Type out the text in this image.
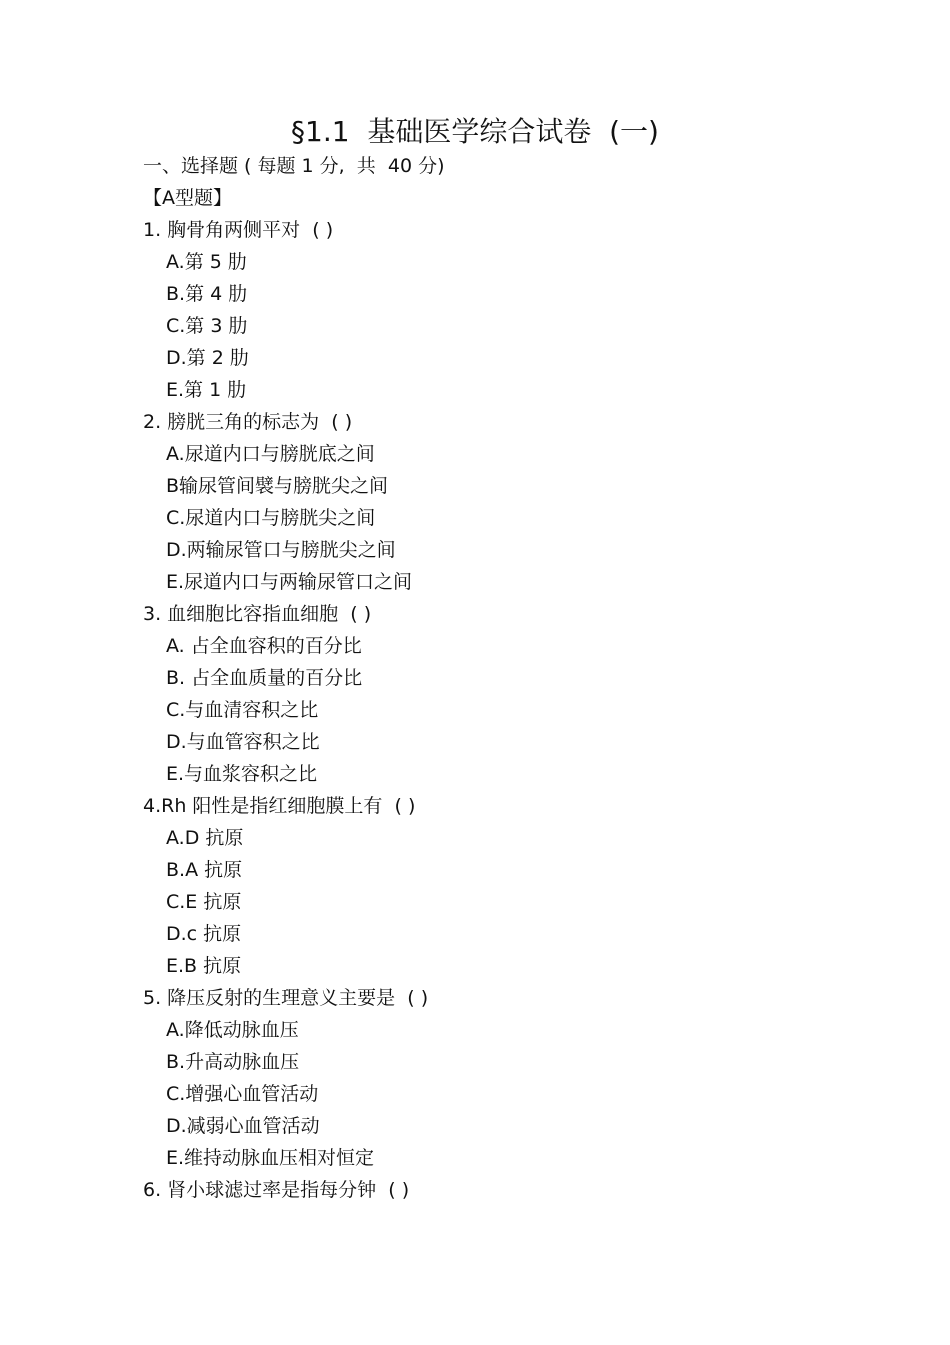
§1.1  基础医学综合试卷  (一)
一、选择题 ( 每题 1 分,  共  40 分)
【A型题】
1. 胸骨角两侧平对  ( )
A.第 5 肋
B.第 4 肋
C.第 3 肋
D.第 2 肋
E.第 1 肋
2. 膀胱三角的标志为  ( )
A.尿道内口与膀胱底之间
B输尿管间襞与膀胱尖之间
C.尿道内口与膀胱尖之间
D.两输尿管口与膀胱尖之间
E.尿道内口与两输尿管口之间
3. 血细胞比容指血细胞  ( )
A. 占全血容积的百分比
B. 占全血质量的百分比
C.与血清容积之比
D.与血管容积之比
E.与血浆容积之比
4.Rh 阳性是指红细胞膜上有  ( )
A.D 抗原
B.A 抗原
C.E 抗原
D.c 抗原
E.B 抗原
5. 降压反射的生理意义主要是  ( )
A.降低动脉血压
B.升高动脉血压
C.增强心血管活动
D.减弱心血管活动
E.维持动脉血压相对恒定
6. 肾小球滤过率是指每分钟  ( )
